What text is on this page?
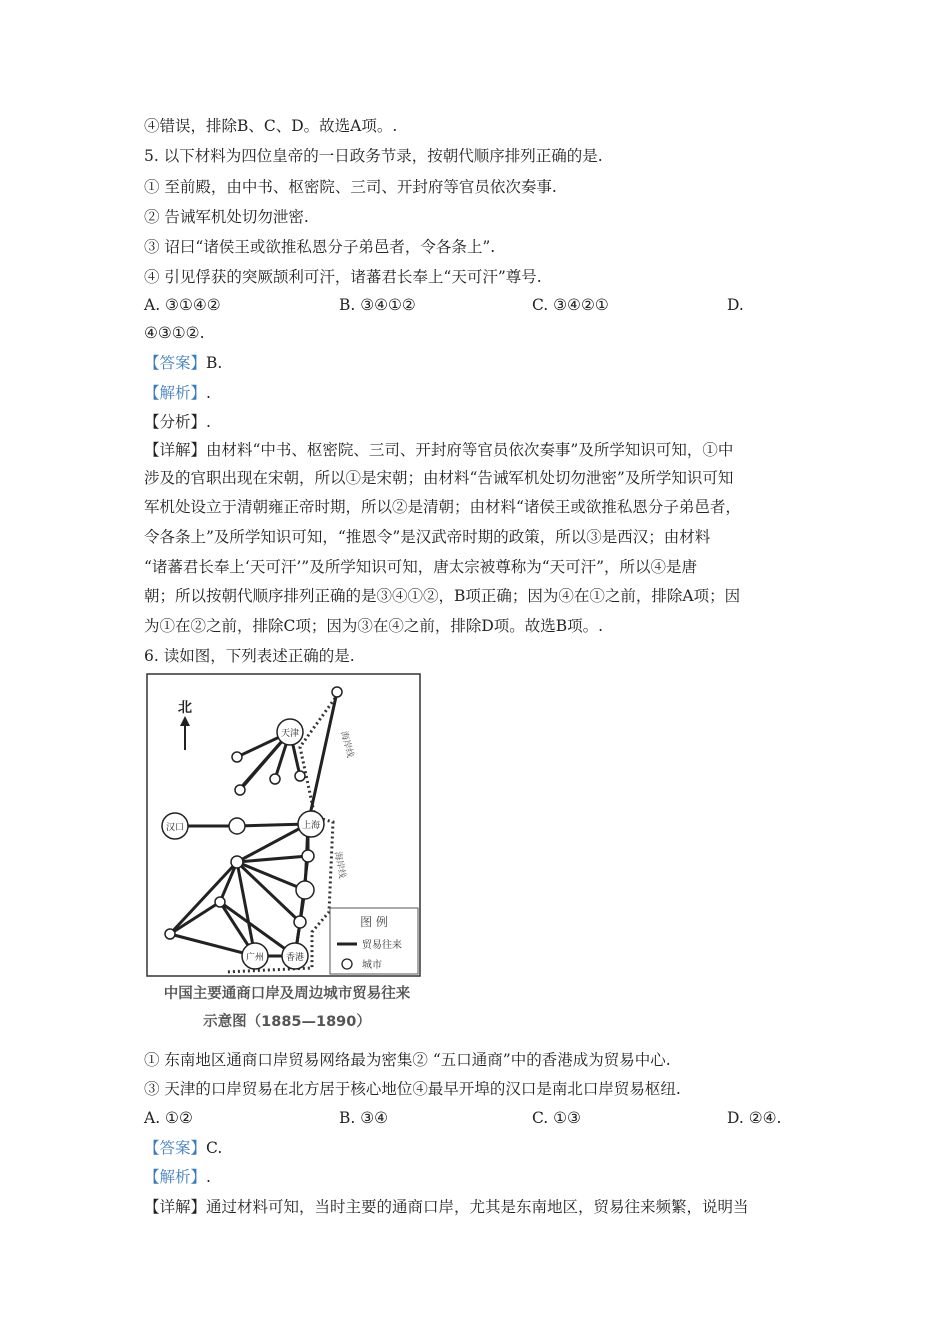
④错误，排除B、C、D。故选A项。.
5. 以下材料为四位皇帝的一日政务节录，按朝代顺序排列正确的是.
① 至前殿，由中书、枢密院、三司、开封府等官员依次奏事.
② 告诫军机处切勿泄密.
③ 诏曰“诸侯王或欲推私恩分子弟邑者，令各条上”.
④ 引见俘获的突厥颉利可汗，诸蕃君长奉上“天可汗”尊号.
A. ③①④②	B. ③④①②	C. ③④②①	D.
④③①②.
【答案】B.
【解析】.
【分析】.
【详解】由材料“中书、枢密院、三司、开封府等官员依次奏事”及所学知识可知，①中
涉及的官职出现在宋朝，所以①是宋朝；由材料“告诫军机处切勿泄密”及所学知识可知
军机处设立于清朝雍正帝时期，所以②是清朝；由材料“诸侯王或欲推私恩分子弟邑者，
令各条上”及所学知识可知，“推恩令”是汉武帝时期的政策，所以③是西汉；由材料
“诸蕃君长奉上‘天可汗’”及所学知识可知，唐太宗被尊称为“天可汗”，所以④是唐
朝；所以按朝代顺序排列正确的是③④①②，B项正确；因为④在①之前，排除A项；因
为①在②之前，排除C项；因为③在④之前，排除D项。故选B项。.
6. 读如图，下列表述正确的是.
北
海岸线
海岸线
天津
汉口	上海
广州 香港
图 例
贸易往来
城市
中国主要通商口岸及周边城市贸易往来
示意图（1885—1890）
① 东南地区通商口岸贸易网络最为密集② “五口通商”中的香港成为贸易中心.
③ 天津的口岸贸易在北方居于核心地位④最早开埠的汉口是南北口岸贸易枢纽.
A. ①②	B. ③④	C. ①③	D. ②④.
【答案】C.
【解析】.
【详解】通过材料可知，当时主要的通商口岸，尤其是东南地区，贸易往来频繁，说明当
